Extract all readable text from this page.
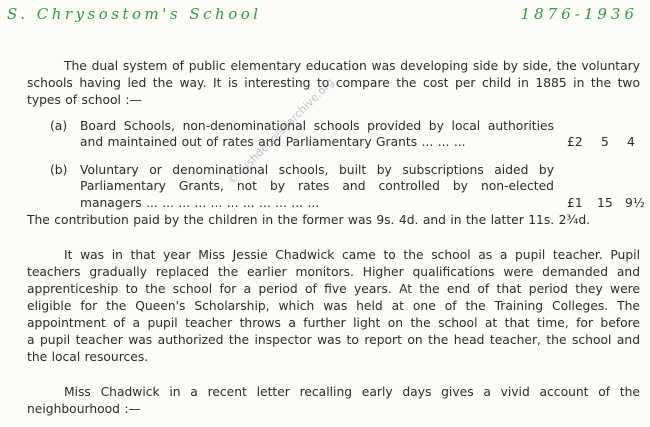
S. Chrysostom's School	1876-1936
The dual system of public elementary education was developing side by side, the voluntary
schools having led the way. It is interesting to compare the cost per child in 1885 in the two
types of school :—
(a) Board Schools, non-denominational schools provided by local authorities
and maintained out of rates and Parliamentary Grants ... ... ...	£2 5 4
(b) Voluntary or denominational schools, built by subscriptions aided by
Parliamentary Grants, not by rates and controlled by non-elected
managers ... ... ... ... ... ... ... ... ... ... ...	£1 15 9½
The contribution paid by the children in the former was 9s. 4d. and in the latter 11s. 2¾d.
It was in that year Miss Jessie Chadwick came to the school as a pupil teacher. Pupil
teachers gradually replaced the earlier monitors. Higher qualifications were demanded and
apprenticeship to the school for a period of five years. At the end of that period they were
eligible for the Queen's Scholarship, which was held at one of the Training Colleges. The
appointment of a pupil teacher throws a further light on the school at that time, for before
a pupil teacher was authorized the inspector was to report on the head teacher, the school and
the local resources.
Miss Chadwick in a recent letter recalling early days gives a vivid account of the
neighbourhood :—
© rushdenresearchive.org
